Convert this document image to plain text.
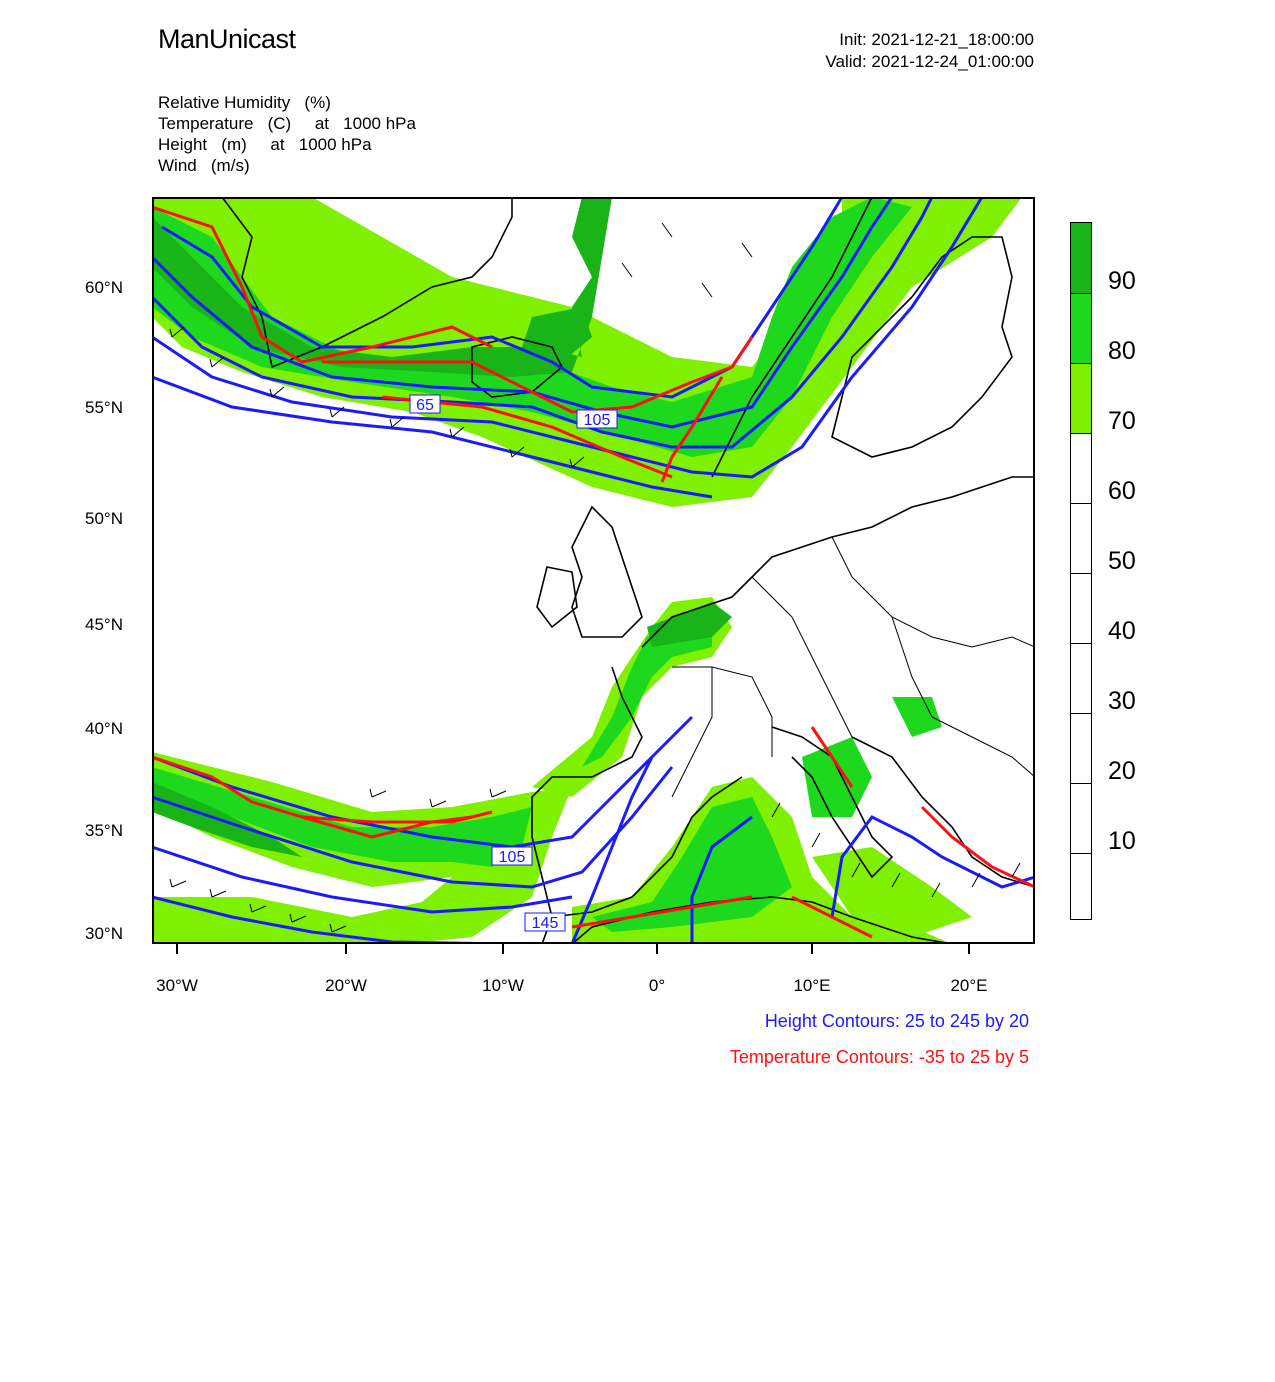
ManUnicast	Init: 2021-12-21_18:00:00
Valid: 2021-12-24_01:00:00
Relative Humidity   (%)
Temperature   (C)     at   1000 hPa
Height   (m)     at   1000 hPa
Wind   (m/s)
65
105
105
145
60°N
55°N
50°N
45°N
40°N
35°N
30°N
30°W	20°W	10°W	0°	10°E	20°E
Height Contours: 25 to 245 by 20
Temperature Contours: -35 to 25 by 5
90
80
70
60
50
40
30
20
10
